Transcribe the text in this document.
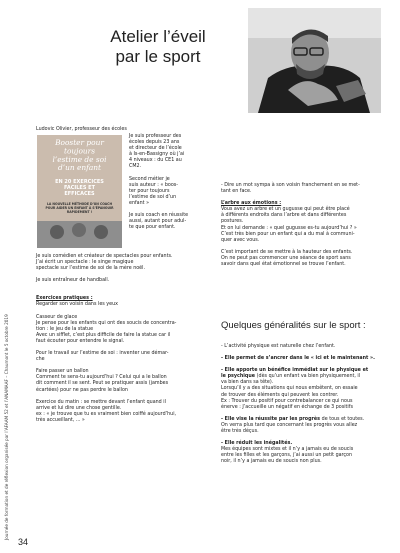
Atelier l’éveil par le sport
Ludovic Olivier, professeur des écoles
Journée de formation et de réflexion organisée par l’AFAAM 52 et l’ANAMAAF – Chaumont le 5 octobre 2019
Booster pour toujours l’estime de soi d’un enfant
EN 20 EXERCICES FACILES ET EFFICACES
LA NOUVELLE MÉTHODE D’UN COACH POUR AIDER UN ENFANT À S’ÉPANOUIR RAPIDEMENT !

Je suis professeur des

écoles depuis 23 ans

et directeur de l’école

à Is-en-Bassigny où j’ai

4 niveaux : du CE1 au

CM2.

Second métier je

suis auteur : « boos-

ter pour toujours

l’estime de soi d’un

enfant »

Je suis coach en réussite

aussi, autant pour adul-

te que pour enfant.

Je suis comédien et créateur de spectacles pour enfants.

J’ai écrit un spectacle : le singe magique

spectacle sur l’estime de soi de la mère noël.

Je suis entraîneur de handball.

Exercices pratiques :

Regarder son voisin dans les yeux

Casseur de glace

Je pense pour les enfants qui ont des soucis de concentra-

tion : le jeu de la statue

Avec un sifflet, c’est plus difficile de faire la statue car il

faut écouter pour entendre le signal.

Pour le travail sur l’estime de soi : inventer une démar-

che

Faire passer un ballon

Comment te sens-tu aujourd’hui ? Celui qui a le ballon

dit comment il se sent. Peut se pratiquer assis (jambes

écartées) pour ne pas perdre le ballon

Exercice du matin : se mettre devant l’enfant quand il

arrive et lui dire une chose gentille.

ex : « je trouve que tu es vraiment bien coiffé aujourd’hui,

très accueillant, ... »

- Dire un mot sympa à son voisin franchement en se met-

tant en face.

L’arbre aux émotions :

Vous avez un arbre et un gugusse qui peut être placé

à différents endroits dans l’arbre et dans différentes

postures.

Et on lui demande : « quel gugusse es-tu aujourd’hui ? »

C’est très bien pour un enfant qui a du mal à communi-

quer avec vous.

C’est important de se mettre à la hauteur des enfants.

On ne peut pas commencer une séance de sport sans

savoir dans quel état émotionnel se trouve l’enfant.

Quelques généralités sur le sport :

- L’activité physique est naturelle chez l’enfant.

- Elle permet de s’ancrer dans le « ici et le maintenant ».

- Elle apporte un bénéfice immédiat sur le physique et

le psychique (dès qu’un enfant va bien physiquement, il

va bien dans sa tête).

Lorsqu’il y a des situations qui nous embêtent, on essaie

de trouver des éléments qui peuvent les contrer.

Ex : Trouver du positif pour contrebalancer ce qui nous

énerve : J’accueille un négatif en échange de 3 positifs

- Elle vise la réussite par les progrès de tous et toutes.

On verra plus tard que concernant les progrès vous allez

être très déçus.

- Elle réduit les inégalités.

Mes équipes sont mixtes et il n’y a jamais eu de soucis

entre les filles et les garçons, j’ai aussi un petit garçon

noir, il n’y a jamais eu de soucis non plus.

34
